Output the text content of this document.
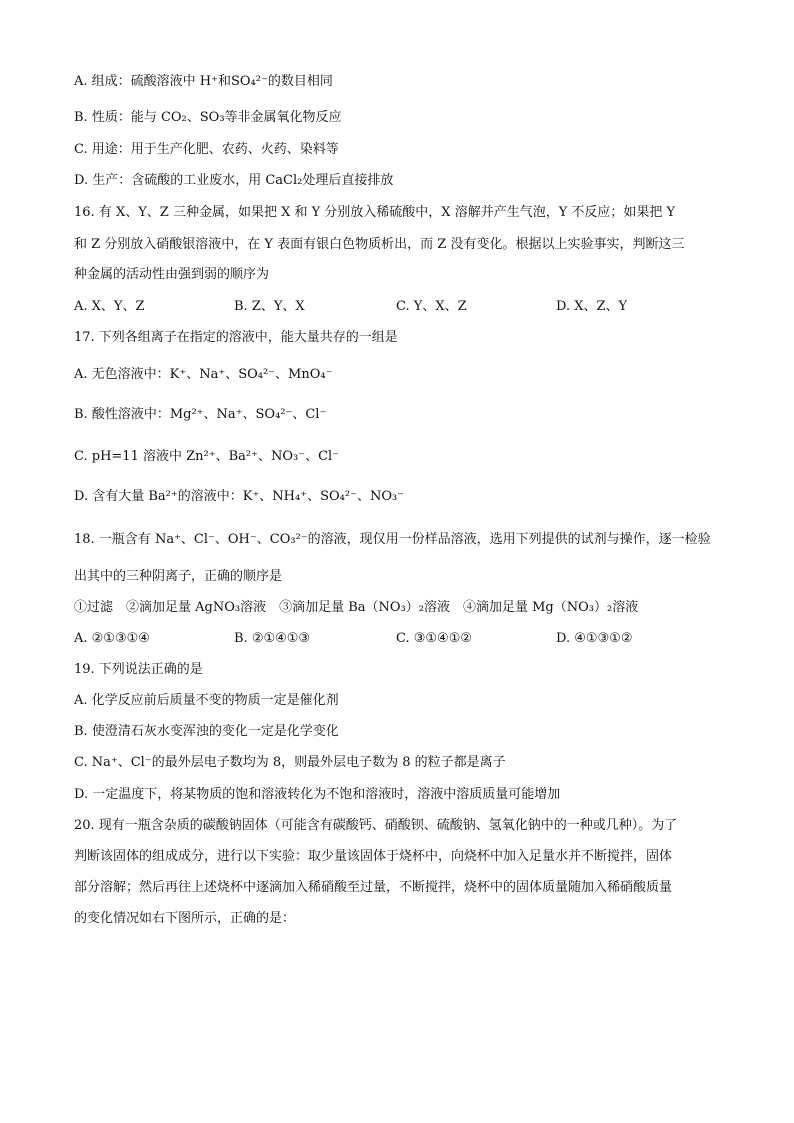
A. 组成：硫酸溶液中 H⁺和SO₄²⁻的数目相同
B. 性质：能与 CO₂、SO₃等非金属氧化物反应
C. 用途：用于生产化肥、农药、火药、染料等
D. 生产：含硫酸的工业废水，用 CaCl₂处理后直接排放
16. 有 X、Y、Z 三种金属，如果把 X 和 Y 分别放入稀硫酸中，X 溶解并产生气泡，Y 不反应；如果把 Y
和 Z 分别放入硝酸银溶液中，在 Y 表面有银白色物质析出，而 Z 没有变化。根据以上实验事实，判断这三
种金属的活动性由强到弱的顺序为
A. X、Y、Z	B. Z、Y、X	C. Y、X、Z	D. X、Z、Y
17. 下列各组离子在指定的溶液中，能大量共存的一组是
A. 无色溶液中：K⁺、Na⁺、SO₄²⁻、MnO₄⁻
B. 酸性溶液中：Mg²⁺、Na⁺、SO₄²⁻、Cl⁻
C. pH=11 溶液中 Zn²⁺、Ba²⁺、NO₃⁻、Cl⁻
D. 含有大量 Ba²⁺的溶液中：K⁺、NH₄⁺、SO₄²⁻、NO₃⁻
18. 一瓶含有 Na⁺、Cl⁻、OH⁻、CO₃²⁻的溶液，现仅用一份样品溶液，选用下列提供的试剂与操作，逐一检验
出其中的三种阴离子，正确的顺序是
①过滤　②滴加足量 AgNO₃溶液　③滴加足量 Ba（NO₃）₂溶液　④滴加足量 Mg（NO₃）₂溶液
A. ②①③①④	B. ②①④①③	C. ③①④①②	D. ④①③①②
19. 下列说法正确的是
A. 化学反应前后质量不变的物质一定是催化剂
B. 使澄清石灰水变浑浊的变化一定是化学变化
C. Na⁺、Cl⁻的最外层电子数均为 8，则最外层电子数为 8 的粒子都是离子
D. 一定温度下，将某物质的饱和溶液转化为不饱和溶液时，溶液中溶质质量可能增加
20. 现有一瓶含杂质的碳酸钠固体（可能含有碳酸钙、硝酸钡、硫酸钠、氢氧化钠中的一种或几种）。为了
判断该固体的组成成分，进行以下实验：取少量该固体于烧杯中，向烧杯中加入足量水并不断搅拌，固体
部分溶解；然后再往上述烧杯中逐滴加入稀硝酸至过量，不断搅拌，烧杯中的固体质量随加入稀硝酸质量
的变化情况如右下图所示，正确的是：
